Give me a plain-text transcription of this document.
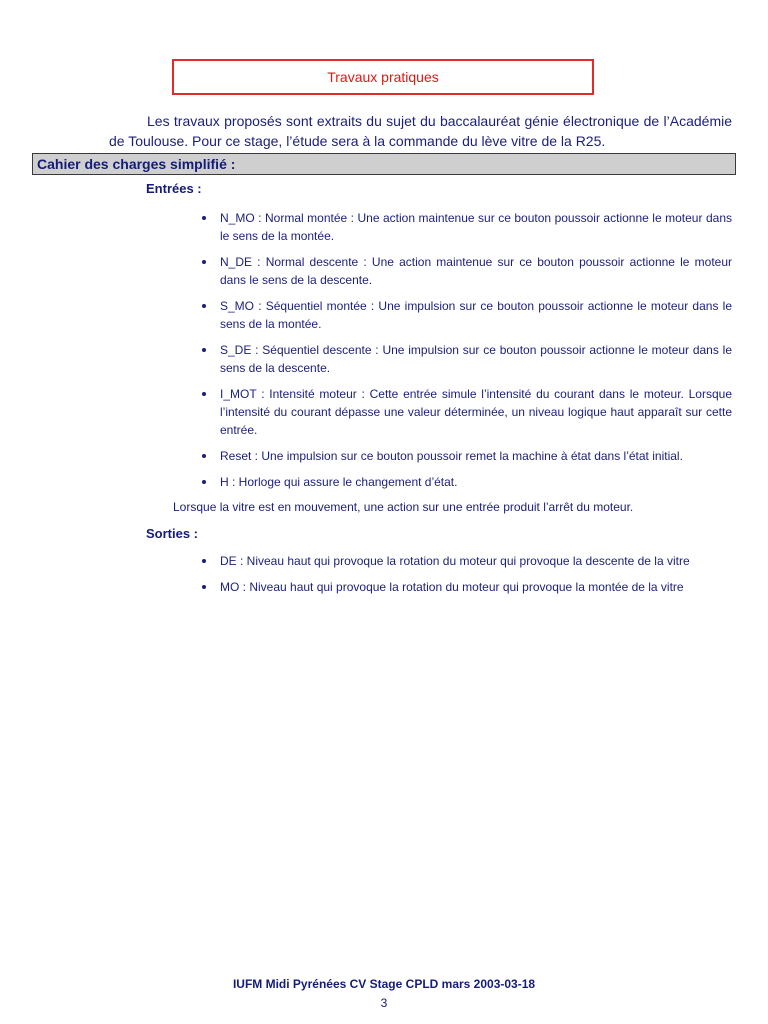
Travaux pratiques
Les travaux proposés sont extraits du sujet du baccalauréat génie électronique de l’Académie de Toulouse. Pour ce stage, l’étude sera à la commande du lève vitre de la R25.
Cahier des charges simplifié :
Entrées :
N_MO : Normal montée : Une action maintenue sur ce bouton poussoir actionne le moteur dans le sens de la montée.
N_DE : Normal descente : Une action maintenue sur ce bouton poussoir actionne le moteur dans le sens de la descente.
S_MO : Séquentiel montée : Une impulsion sur ce bouton poussoir actionne le moteur dans le sens de la montée.
S_DE : Séquentiel descente : Une impulsion sur ce bouton poussoir actionne le moteur dans le sens de la descente.
I_MOT : Intensité moteur : Cette entrée simule l’intensité du courant dans le moteur. Lorsque l’intensité du courant dépasse une valeur déterminée, un niveau logique haut apparaît sur cette entrée.
Reset : Une impulsion sur ce bouton poussoir remet la machine à état dans l’état initial.
H : Horloge qui assure le changement d’état.
Lorsque la vitre est en mouvement, une action sur une entrée produit l’arrêt du moteur.
Sorties :
DE : Niveau haut qui provoque la rotation du moteur qui provoque la descente de la vitre
MO : Niveau haut qui provoque la rotation du moteur qui provoque la montée de la vitre
IUFM Midi Pyrénées CV Stage CPLD mars 2003-03-18
3
